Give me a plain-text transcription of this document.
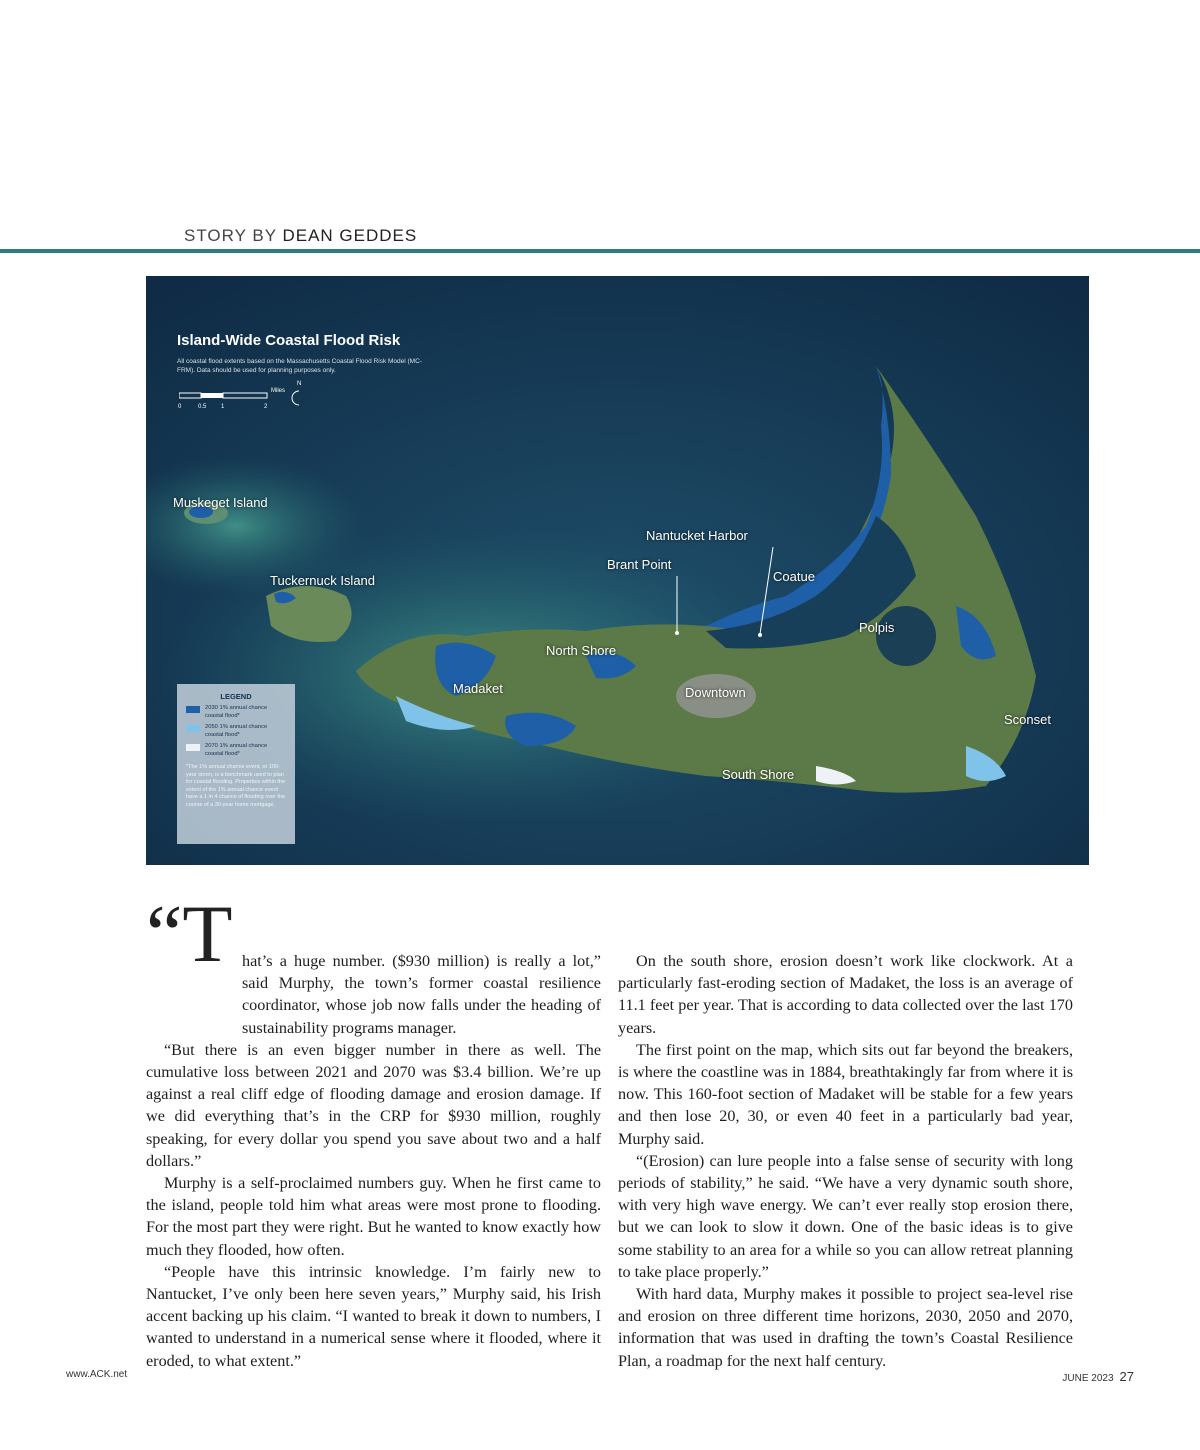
STORY BY DEAN GEDDES
Island-Wide Coastal Flood Risk
All coastal flood extents based on the Massachusetts Coastal Flood Risk Model (MC-FRM). Data should be used for planning purposes only.
0	0.5 1	2
Miles
N
Muskeget Island
Tuckernuck Island
Nantucket Harbor
Brant Point
Coatue
Polpis
North Shore
Madaket	Downtown
Sconset
South Shore
LEGEND
2030 1% annual chance coastal flood*
2050 1% annual chance coastal flood*
2070 1% annual chance coastal flood*
*The 1% annual chance event, or 100-year storm, is a benchmark used to plan for coastal flooding. Properties within the extent of the 1% annual chance event have a 1 in 4 chance of flooding over the course of a 30-year home mortgage.
“T hat’s a huge number. ($930 million) is really a lot,” said Murphy, the town’s former coastal resilience coordinator, whose job now falls under the heading of sustainability programs manager.

“But there is an even bigger number in there as well. The cumulative loss between 2021 and 2070 was $3.4 billion. We’re up against a real cliff edge of flooding damage and erosion damage. If we did everything that’s in the CRP for $930 million, roughly speaking, for every dollar you spend you save about two and a half dollars.”

Murphy is a self-proclaimed numbers guy. When he first came to the island, people told him what areas were most prone to flooding. For the most part they were right. But he wanted to know exactly how much they flooded, how often.

“People have this intrinsic knowledge. I’m fairly new to Nantucket, I’ve only been here seven years,” Murphy said, his Irish accent backing up his claim. “I wanted to break it down to numbers, I wanted to understand in a numerical sense where it flooded, where it eroded, to what extent.”

On the south shore, erosion doesn’t work like clockwork. At a particularly fast-eroding section of Madaket, the loss is an average of 11.1 feet per year. That is according to data collected over the last 170 years.

The first point on the map, which sits out far beyond the breakers, is where the coastline was in 1884, breathtakingly far from where it is now. This 160-foot section of Madaket will be stable for a few years and then lose 20, 30, or even 40 feet in a particularly bad year, Murphy said.

“(Erosion) can lure people into a false sense of security with long periods of stability,” he said. “We have a very dynamic south shore, with very high wave energy. We can’t ever really stop erosion there, but we can look to slow it down. One of the basic ideas is to give some stability to an area for a while so you can allow retreat planning to take place properly.”

With hard data, Murphy makes it possible to project sea-level rise and erosion on three different time horizons, 2030, 2050 and 2070, information that was used in drafting the town’s Coastal Resilience Plan, a roadmap for the next half century.

www.ACK.net	JUNE 2023 27
